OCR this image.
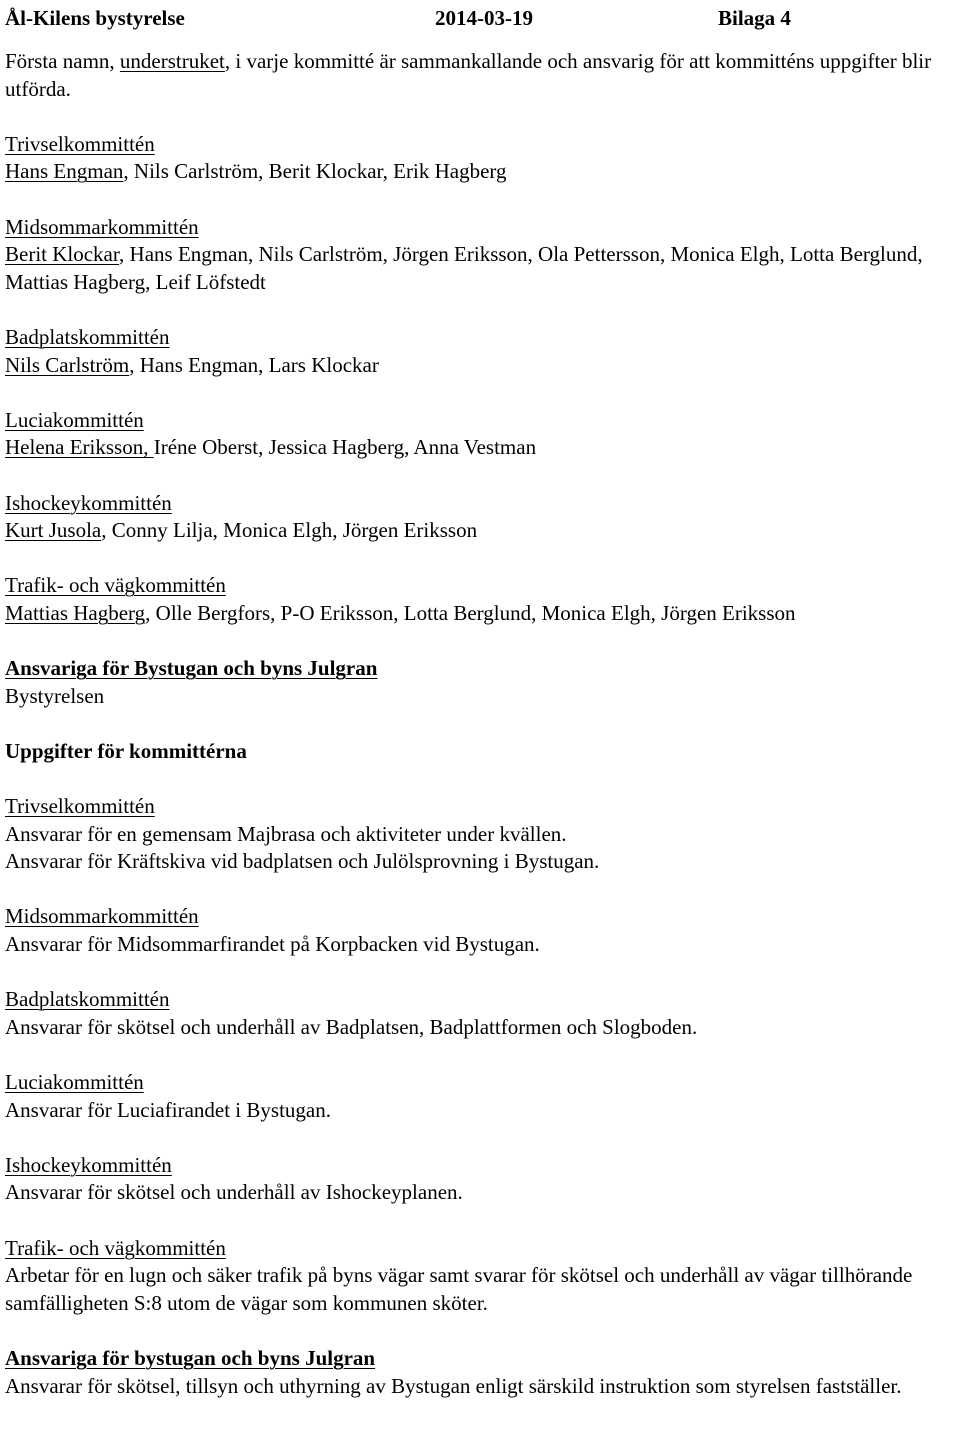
Ål-Kilens bystyrelse	2014-03-19	Bilaga 4

Första namn, understruket, i varje kommitté är sammankallande och ansvarig för att kommitténs uppgifter blir utförda.

Trivselkommittén

Hans Engman, Nils Carlström, Berit Klockar, Erik Hagberg

Midsommarkommittén

Berit Klockar, Hans Engman, Nils Carlström, Jörgen Eriksson, Ola Pettersson, Monica Elgh, Lotta Berglund, Mattias Hagberg, Leif Löfstedt

Badplatskommittén

Nils Carlström, Hans Engman, Lars Klockar

Luciakommittén

Helena Eriksson, Iréne Oberst, Jessica Hagberg, Anna Vestman

Ishockeykommittén

Kurt Jusola, Conny Lilja, Monica Elgh, Jörgen Eriksson

Trafik- och vägkommittén

Mattias Hagberg, Olle Bergfors, P-O Eriksson, Lotta Berglund, Monica Elgh, Jörgen Eriksson

Ansvariga för Bystugan och byns Julgran

Bystyrelsen

Uppgifter för kommittérna

Trivselkommittén

Ansvarar för en gemensam Majbrasa och aktiviteter under kvällen.

Ansvarar för Kräftskiva vid badplatsen och Julölsprovning i Bystugan.

Midsommarkommittén

Ansvarar för Midsommarfirandet på Korpbacken vid Bystugan.

Badplatskommittén

Ansvarar för skötsel och underhåll av Badplatsen, Badplattformen och Slogboden.

Luciakommittén

Ansvarar för Luciafirandet i Bystugan.

Ishockeykommittén

Ansvarar för skötsel och underhåll av Ishockeyplanen.

Trafik- och vägkommittén

Arbetar för en lugn och säker trafik på byns vägar samt svarar för skötsel och underhåll av vägar tillhörande samfälligheten S:8 utom de vägar som kommunen sköter.

Ansvariga för bystugan och byns Julgran

Ansvarar för skötsel, tillsyn och uthyrning av Bystugan enligt särskild instruktion som styrelsen fastställer.
